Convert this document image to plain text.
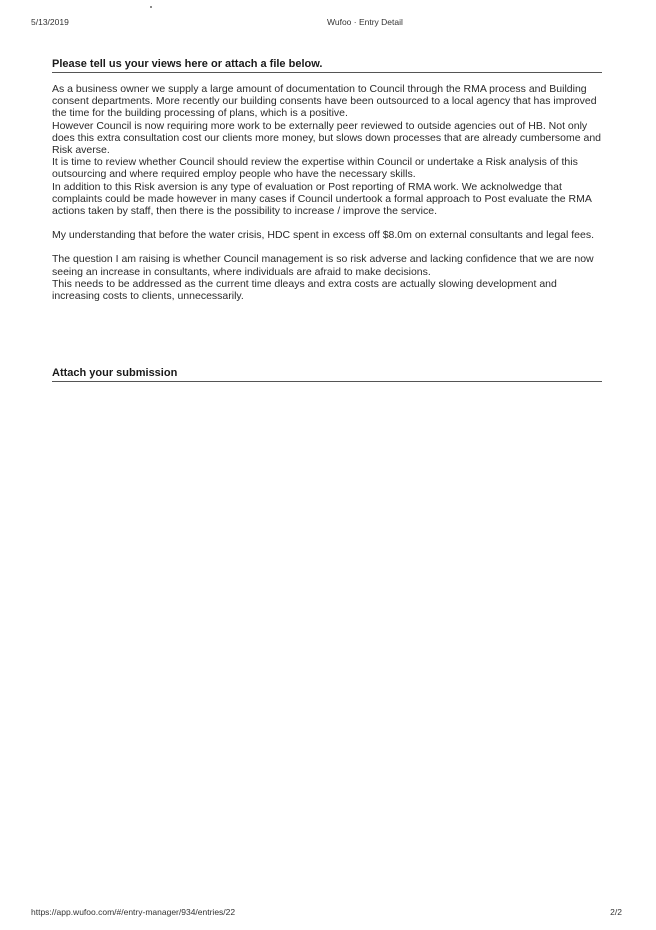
5/13/2019	Wufoo · Entry Detail
Please tell us your views here or attach a file below.

As a business owner we supply a large amount of documentation to Council through the RMA process and Building consent departments. More recently our building consents have been outsourced to a local agency that has improved the time for the building processing of plans, which is a positive.

However Council is now requiring more work to be externally peer reviewed to outside agencies out of HB. Not only does this extra consultation cost our clients more money, but slows down processes that are already cumbersome and Risk averse.

It is time to review whether Council should review the expertise within Council or undertake a Risk analysis of this outsourcing and where required employ people who have the necessary skills.

In addition to this Risk aversion is any type of evaluation or Post reporting of RMA work. We acknolwedge that complaints could be made however in many cases if Council undertook a formal approach to Post evaluate the RMA actions taken by staff, then there is the possibility to increase / improve the service.

My understanding that before the water crisis, HDC spent in excess off $8.0m on external consultants and legal fees.

The question I am raising is whether Council management is so risk adverse and lacking confidence that we are now seeing an increase in consultants, where individuals are afraid to make decisions.

This needs to be addressed as the current time dleays and extra costs are actually slowing development and increasing costs to clients, unnecessarily.

Attach your submission
https://app.wufoo.com/#/entry-manager/934/entries/22	2/2
